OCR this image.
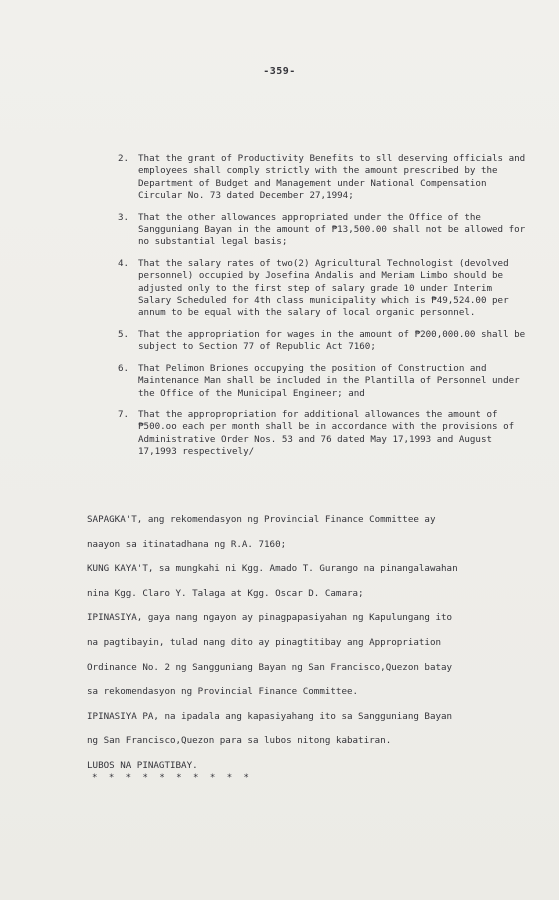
-359-
2. That the grant of Productivity Benefits to sll deserving officials and employees shall comply strictly with the amount prescribed by the Department of Budget and Management under National Compensation Circular No. 73 dated December 27,1994;
3. That the other allowances appropriated under the Office of the Sangguniang Bayan in the amount of ₱13,500.00 shall not be allowed for no substantial legal basis;
4. That the salary rates of two(2) Agricultural Technologist (devolved personnel) occupied by Josefina Andalis and Meriam Limbo should be adjusted only to the first step of salary grade 10 under Interim Salary Scheduled for 4th class municipality which is ₱49,524.00 per annum to be equal with the salary of local organic personnel.
5. That the appropriation for wages in the amount of ₱200,000.00 shall be subject to Section 77 of Republic Act 7160;
6. That Pelimon Briones occupying the position of Construction and Maintenance Man shall be included in the Plantilla of Personnel under the Office of the Municipal Engineer; and
7. That the appropropriation for additional allowances the amount of ₱500.oo each per month shall be in accordance with the provisions of Administrative Order Nos. 53 and 76 dated May 17,1993 and August 17,1993 respectively/
SAPAGKA'T, ang rekomendasyon ng Provincial Finance Committee ay
naayon sa itinatadhana ng R.A. 7160;
KUNG KAYA'T, sa mungkahi ni Kgg. Amado T. Gurango na pinangalawahan
nina Kgg. Claro Y. Talaga at Kgg. Oscar D. Camara;
IPINASIYA, gaya nang ngayon ay pinagpapasiyahan ng Kapulungang ito
na pagtibayin, tulad nang dito ay pinagtitibay ang Appropriation
Ordinance No. 2 ng Sangguniang Bayan ng San Francisco,Quezon batay
sa rekomendasyon ng Provincial Finance Committee.
IPINASIYA PA, na ipadala ang kapasiyahang ito sa Sangguniang Bayan
ng San Francisco,Quezon para sa lubos nitong kabatiran.
LUBOS NA PINAGTIBAY.
* * * * * * * * * *
